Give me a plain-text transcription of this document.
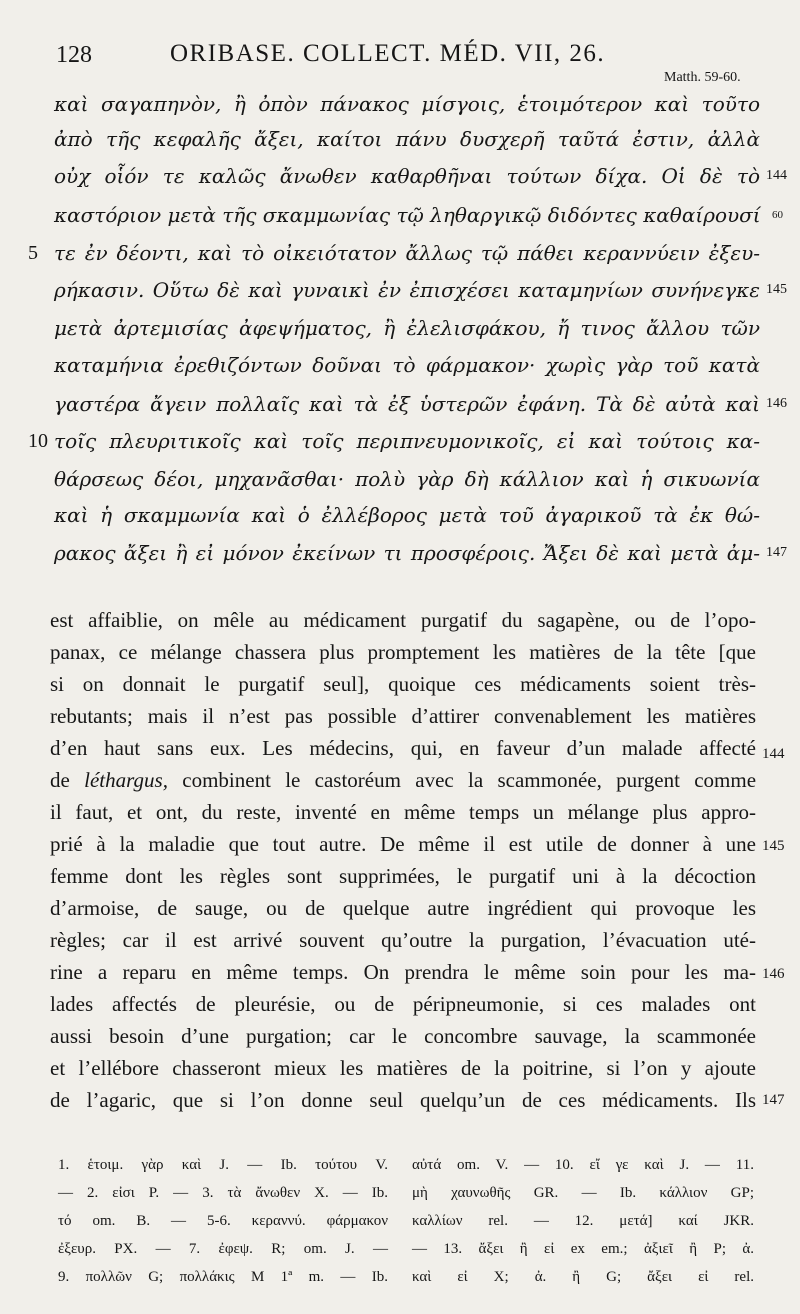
128	ORIBASE. COLLECT. MÉD. VII, 26.
Matth. 59-60.
καὶ σαγαπηνὸν, ἢ ὀπὸν πάνακος μίσγοις, ἑτοιμότερον καὶ τοῦτο
ἀπὸ τῆς κεφαλῆς ἄξει, καίτοι πάνυ δυσχερῆ ταῦτά ἐστιν, ἀλλὰ
οὐχ οἷόν τε καλῶς ἄνωθεν καθαρθῆναι τούτων δίχα. Οἱ δὲ τὸ
καστόριον μετὰ τῆς σκαμμωνίας τῷ ληθαργικῷ διδόντες καθαίρουσί
τε ἐν δέοντι, καὶ τὸ οἰκειότατον ἄλλως τῷ πάθει κεραννύειν ἐξευ-
ρήκασιν. Οὕτω δὲ καὶ γυναικὶ ἐν ἐπισχέσει καταμηνίων συνήνεγκε
μετὰ ἀρτεμισίας ἀφεψήματος, ἢ ἐλελισφάκου, ἤ τινος ἄλλου τῶν
καταμήνια ἐρεθιζόντων δοῦναι τὸ φάρμακον· χωρὶς γὰρ τοῦ κατὰ
γαστέρα ἄγειν πολλαῖς καὶ τὰ ἐξ ὑστερῶν ἐφάνη. Τὰ δὲ αὐτὰ καὶ
τοῖς πλευριτικοῖς καὶ τοῖς περιπνευμονικοῖς, εἰ καὶ τούτοις κα-
θάρσεως δέοι, μηχανᾶσθαι· πολὺ γὰρ δὴ κάλλιον καὶ ἡ σικυωνία
καὶ ἡ σκαμμωνία καὶ ὁ ἐλλέβορος μετὰ τοῦ ἀγαρικοῦ τὰ ἐκ θώ-
ρακος ἄξει ἢ εἰ μόνον ἐκείνων τι προσφέροις. Ἄξει δὲ καὶ μετὰ ἀμ-
5
10
144
60
145
146
147
est affaiblie, on mêle au médicament purgatif du sagapène, ou de l’opo-
panax, ce mélange chassera plus promptement les matières de la tête [que
si on donnait le purgatif seul], quoique ces médicaments soient très-
rebutants; mais il n’est pas possible d’attirer convenablement les matières
d’en haut sans eux. Les médecins, qui, en faveur d’un malade affecté
de léthargus, combinent le castoréum avec la scammonée, purgent comme
il faut, et ont, du reste, inventé en même temps un mélange plus appro-
prié à la maladie que tout autre. De même il est utile de donner à une
femme dont les règles sont supprimées, le purgatif uni à la décoction
d’armoise, de sauge, ou de quelque autre ingrédient qui provoque les
règles; car il est arrivé souvent qu’outre la purgation, l’évacuation uté-
rine a reparu en même temps. On prendra le même soin pour les ma-
lades affectés de pleurésie, ou de péripneumonie, si ces malades ont
aussi besoin d’une purgation; car le concombre sauvage, la scammonée
et l’ellébore chasseront mieux les matières de la poitrine, si l’on y ajoute
de l’agaric, que si l’on donne seul quelqu’un de ces médicaments. Ils
144
145
146
147
1. ἑτοιμ. γὰρ καὶ J. — Ib. τούτου V.
— 2. εἰσι P. — 3. τὰ ἄνωθεν X. — Ib.
τό om. B. — 5-6. κεραννύ. φάρμακον
ἐξευρ. PX. — 7. ἐφεψ. R; om. J. —
9. πολλῶν G; πολλάκις M 1ª m. — Ib.
αὐτά om. V. — 10. εἴ γε καὶ J. — 11.
μὴ χαυνωθῆς GR. — Ib. κάλλιον GP;
καλλίων rel. — 12. μετά] καί JKR.
— 13. ἄξει ἢ εἰ ex em.; ἀξιεῖ ἢ P; ἀ.
καὶ εἰ X; ἀ. ἢ G; ἄξει εἰ rel.
